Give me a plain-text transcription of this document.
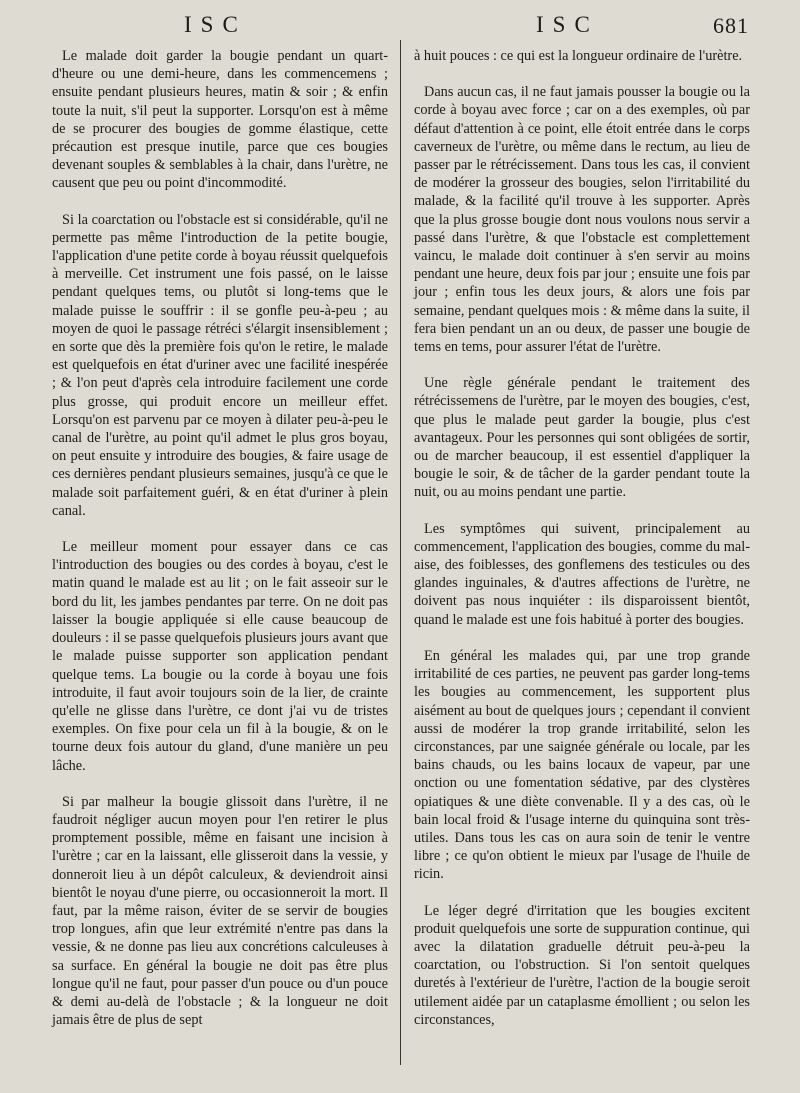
ISC	ISC	681

Le malade doit garder la bougie pendant un quart-d'heure ou une demi-heure, dans les commencemens ; ensuite pendant plusieurs heures, matin & soir ; & enfin toute la nuit, s'il peut la supporter. Lorsqu'on est à même de se procurer des bougies de gomme élastique, cette précaution est presque inutile, parce que ces bougies devenant souples & semblables à la chair, dans l'urètre, ne causent que peu ou point d'incommodité.

Si la coarctation ou l'obstacle est si considérable, qu'il ne permette pas même l'introduction de la petite bougie, l'application d'une petite corde à boyau réussit quelquefois à merveille. Cet instrument une fois passé, on le laisse pendant quelques tems, ou plutôt si long-tems que le malade puisse le souffrir : il se gonfle peu-à-peu ; au moyen de quoi le passage rétréci s'élargit insensiblement ; en sorte que dès la première fois qu'on le retire, le malade est quelquefois en état d'uriner avec une facilité inespérée ; & l'on peut d'après cela introduire facilement une corde plus grosse, qui produit encore un meilleur effet. Lorsqu'on est parvenu par ce moyen à dilater peu-à-peu le canal de l'urètre, au point qu'il admet le plus gros boyau, on peut ensuite y introduire des bougies, & faire usage de ces dernières pendant plusieurs semaines, jusqu'à ce que le malade soit parfaitement guéri, & en état d'uriner à plein canal.

Le meilleur moment pour essayer dans ce cas l'introduction des bougies ou des cordes à boyau, c'est le matin quand le malade est au lit ; on le fait asseoir sur le bord du lit, les jambes pendantes par terre. On ne doit pas laisser la bougie appliquée si elle cause beaucoup de douleurs : il se passe quelquefois plusieurs jours avant que le malade puisse supporter son application pendant quelque tems. La bougie ou la corde à boyau une fois introduite, il faut avoir toujours soin de la lier, de crainte qu'elle ne glisse dans l'urètre, ce dont j'ai vu de tristes exemples. On fixe pour cela un fil à la bougie, & on le tourne deux fois autour du gland, d'une manière un peu lâche.

Si par malheur la bougie glissoit dans l'urètre, il ne faudroit négliger aucun moyen pour l'en retirer le plus promptement possible, même en faisant une incision à l'urètre ; car en la laissant, elle glisseroit dans la vessie, y donneroit lieu à un dépôt calculeux, & deviendroit ainsi bientôt le noyau d'une pierre, ou occasionneroit la mort. Il faut, par la même raison, éviter de se servir de bougies trop longues, afin que leur extrémité n'entre pas dans la vessie, & ne donne pas lieu aux concrétions calculeuses à sa surface. En général la bougie ne doit pas être plus longue qu'il ne faut, pour passer d'un pouce ou d'un pouce & demi au-delà de l'obstacle ; & la longueur ne doit jamais être de plus de sept

à huit pouces : ce qui est la longueur ordinaire de l'urètre.

Dans aucun cas, il ne faut jamais pousser la bougie ou la corde à boyau avec force ; car on a des exemples, où par défaut d'attention à ce point, elle étoit entrée dans le corps caverneux de l'urètre, ou même dans le rectum, au lieu de passer par le rétrécissement. Dans tous les cas, il convient de modérer la grosseur des bougies, selon l'irritabilité du malade, & la facilité qu'il trouve à les supporter. Après que la plus grosse bougie dont nous voulons nous servir a passé dans l'urètre, & que l'obstacle est complettement vaincu, le malade doit continuer à s'en servir au moins pendant une heure, deux fois par jour ; ensuite une fois par jour ; enfin tous les deux jours, & alors une fois par semaine, pendant quelques mois : & même dans la suite, il fera bien pendant un an ou deux, de passer une bougie de tems en tems, pour assurer l'état de l'urètre.

Une règle générale pendant le traitement des rétrécissemens de l'urètre, par le moyen des bougies, c'est, que plus le malade peut garder la bougie, plus c'est avantageux. Pour les personnes qui sont obligées de sortir, ou de marcher beaucoup, il est essentiel d'appliquer la bougie le soir, & de tâcher de la garder pendant toute la nuit, ou au moins pendant une partie.

Les symptômes qui suivent, principalement au commencement, l'application des bougies, comme du mal-aise, des foiblesses, des gonflemens des testicules ou des glandes inguinales, & d'autres affections de l'urètre, ne doivent pas nous inquiéter : ils disparoissent bientôt, quand le malade est une fois habitué à porter des bougies.

En général les malades qui, par une trop grande irritabilité de ces parties, ne peuvent pas garder long-tems les bougies au commencement, les supportent plus aisément au bout de quelques jours ; cependant il convient aussi de modérer la trop grande irritabilité, selon les circonstances, par une saignée générale ou locale, par les bains chauds, ou les bains locaux de vapeur, par une onction ou une fomentation sédative, par des clystères opiatiques & une diète convenable. Il y a des cas, où le bain local froid & l'usage interne du quinquina sont très-utiles. Dans tous les cas on aura soin de tenir le ventre libre ; ce qu'on obtient le mieux par l'usage de l'huile de ricin.

Le léger degré d'irritation que les bougies excitent produit quelquefois une sorte de suppuration continue, qui avec la dilatation graduelle détruit peu-à-peu la coarctation, ou l'obstruction. Si l'on sentoit quelques duretés à l'extérieur de l'urètre, l'action de la bougie seroit utilement aidée par un cataplasme émollient ; ou selon les circonstances,
